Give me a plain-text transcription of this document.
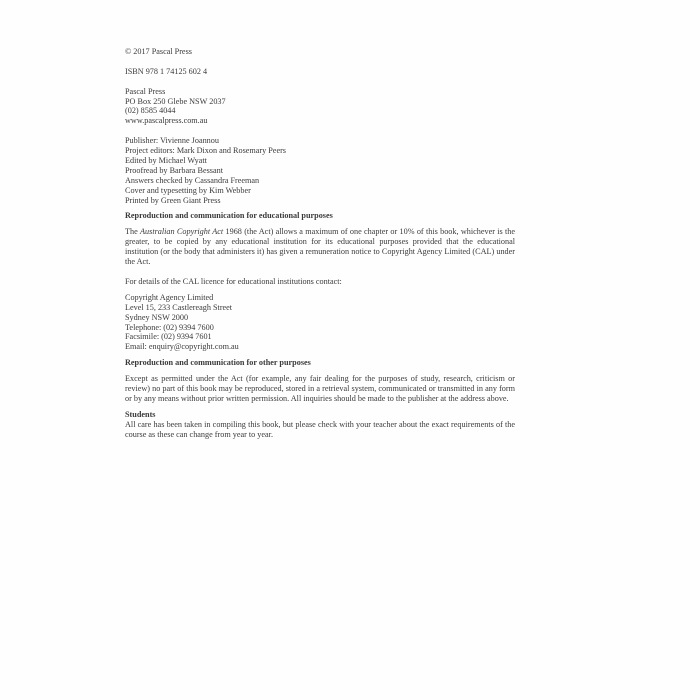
© 2017 Pascal Press
ISBN 978 1 74125 602 4
Pascal Press
PO Box 250 Glebe NSW 2037
(02) 8585 4044
www.pascalpress.com.au
Publisher: Vivienne Joannou
Project editors: Mark Dixon and Rosemary Peers
Edited by Michael Wyatt
Proofread by Barbara Bessant
Answers checked by Cassandra Freeman
Cover and typesetting by Kim Webber
Printed by Green Giant Press
Reproduction and communication for educational purposes
The Australian Copyright Act 1968 (the Act) allows a maximum of one chapter or 10% of this book, whichever is the greater, to be copied by any educational institution for its educational purposes provided that the educational institution (or the body that administers it) has given a remuneration notice to Copyright Agency Limited (CAL) under the Act.
For details of the CAL licence for educational institutions contact:
Copyright Agency Limited
Level 15, 233 Castlereagh Street
Sydney NSW 2000
Telephone: (02) 9394 7600
Facsimile: (02) 9394 7601
Email: enquiry@copyright.com.au
Reproduction and communication for other purposes
Except as permitted under the Act (for example, any fair dealing for the purposes of study, research, criticism or review) no part of this book may be reproduced, stored in a retrieval system, communicated or transmitted in any form or by any means without prior written permission. All inquiries should be made to the publisher at the address above.
Students
All care has been taken in compiling this book, but please check with your teacher about the exact requirements of the course as these can change from year to year.
